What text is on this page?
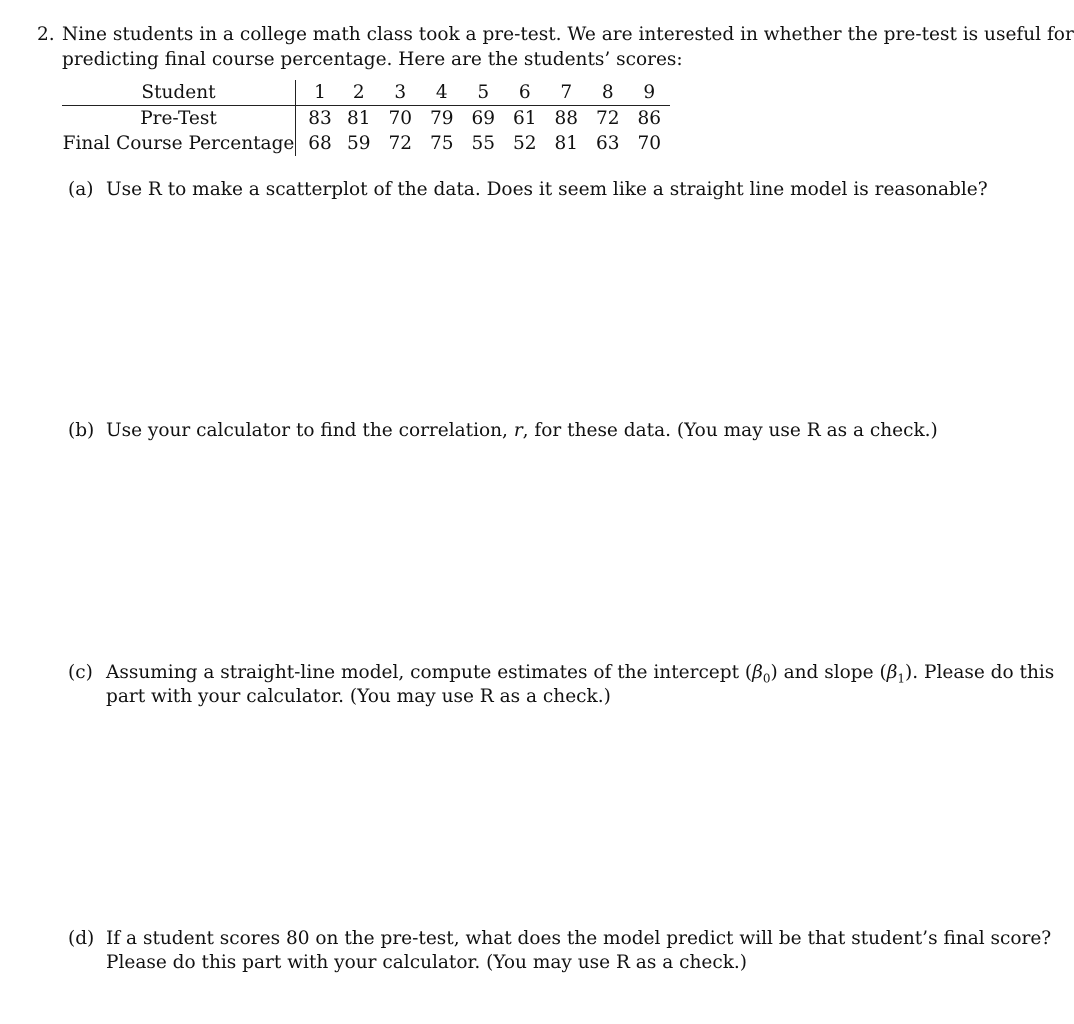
2. Nine students in a college math class took a pre-test. We are interested in whether the pre-test is useful for
predicting final course percentage. Here are the students’ scores:
Student	1	2	3	4	5	6	7	8	9
Pre-Test	83	81	70	79	69	61	88	72	86
Final Course Percentage	68	59	72	75	55	52	81	63	70
(a) Use R to make a scatterplot of the data. Does it seem like a straight line model is reasonable?
(b) Use your calculator to find the correlation, r, for these data. (You may use R as a check.)
(c) Assuming a straight-line model, compute estimates of the intercept $(\beta_0)$ and slope $(\beta_1)$. Please do this
part with your calculator. (You may use R as a check.)
(d) If a student scores 80 on the pre-test, what does the model predict will be that student’s final score?
Please do this part with your calculator. (You may use R as a check.)
